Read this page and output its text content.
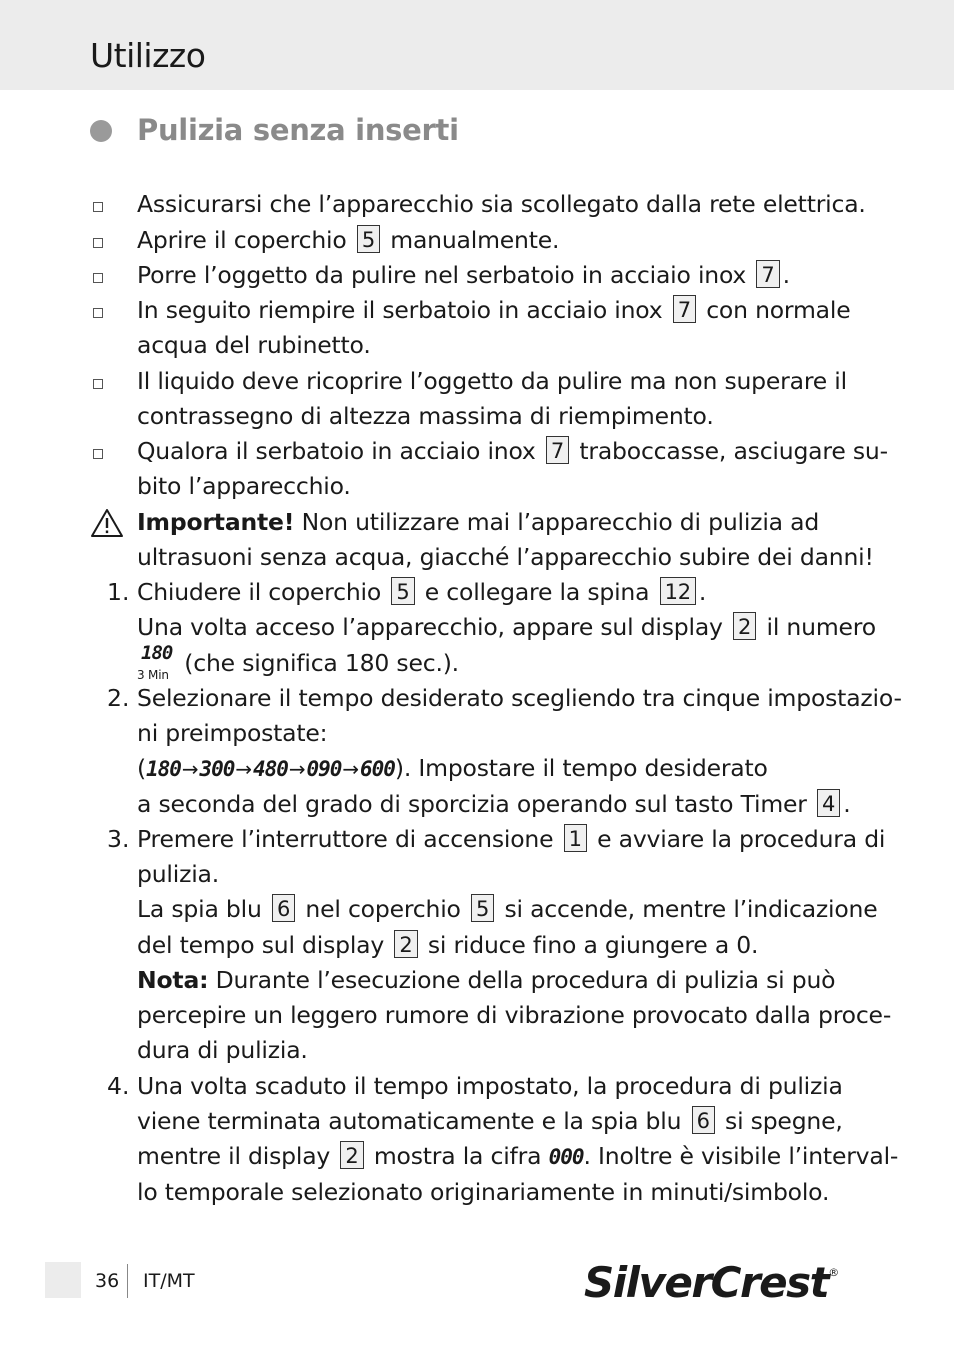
Utilizzo
Pulizia senza inserti
Assicurarsi che l’apparecchio sia scollegato dalla rete elettrica.
Aprire il coperchio 5 manualmente.
Porre l’oggetto da pulire nel serbatoio in acciaio inox 7 .
In seguito riempire il serbatoio in acciaio inox 7 con normale
acqua del rubinetto.
Il liquido deve ricoprire l’oggetto da pulire ma non superare il
contrassegno di altezza massima di riempimento.
Qualora il serbatoio in acciaio inox 7 traboccasse, asciugare su-
bito l’apparecchio.
Importante! Non utilizzare mai l’apparecchio di pulizia ad
ultrasuoni senza acqua, giacché l’apparecchio subire dei danni!
1. Chiudere il coperchio 5 e collegare la spina 12 .
Una volta acceso l’apparecchio, appare sul display 2 il numero
180
3 Min (che significa 180 sec.).
2. Selezionare il tempo desiderato scegliendo tra cinque impostazio-
ni preimpostate:
(180→300→480→090→600). Impostare il tempo desiderato
a seconda del grado di sporcizia operando sul tasto Timer 4 .
3. Premere l’interruttore di accensione 1 e avviare la procedura di
pulizia.
La spia blu 6 nel coperchio 5 si accende, mentre l’indicazione
del tempo sul display 2 si riduce fino a giungere a 0.
Nota: Durante l’esecuzione della procedura di pulizia si può
percepire un leggero rumore di vibrazione provocato dalla proce-
dura di pulizia.
4. Una volta scaduto il tempo impostato, la procedura di pulizia
viene terminata automaticamente e la spia blu 6 si spegne,
mentre il display 2 mostra la cifra 000. Inoltre è visibile l’interval-
lo temporale selezionato originariamente in minuti/simbolo.
36 IT/MT	SilverCrest®
